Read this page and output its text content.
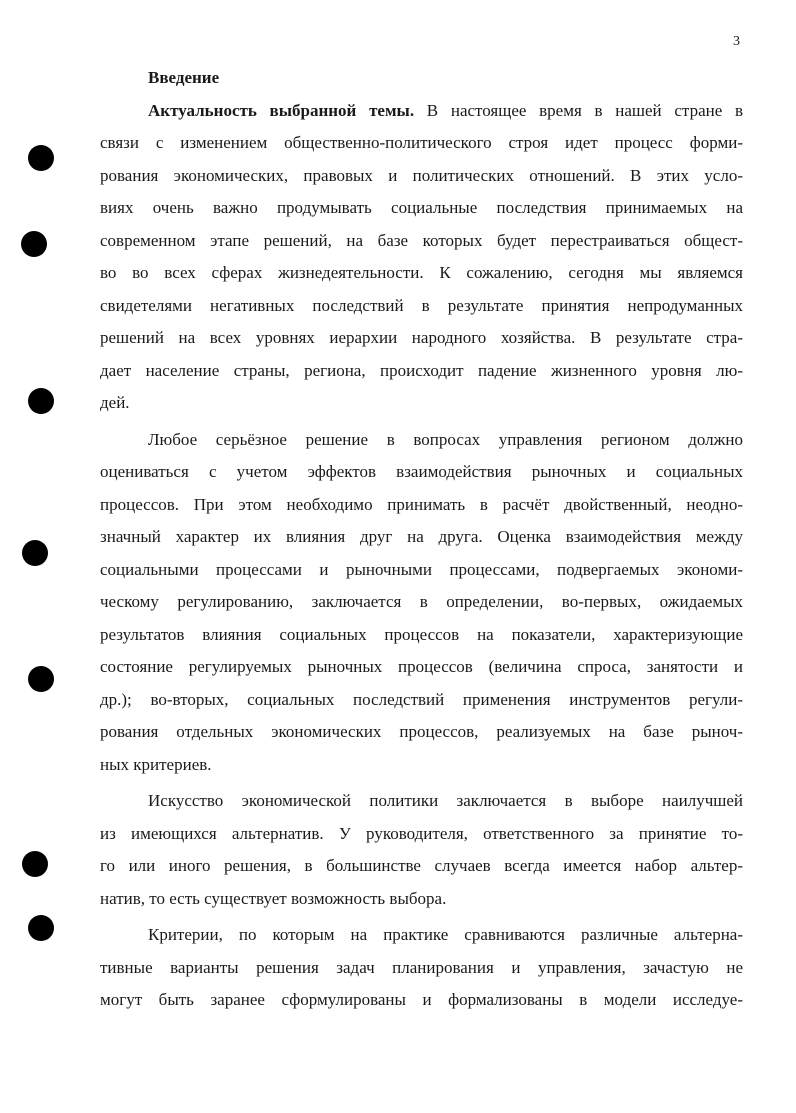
3
Введение
Актуальность выбранной темы. В настоящее время в нашей стране в
связи с изменением общественно-политического строя идет процесс форми-
рования экономических, правовых и политических отношений. В этих усло-
виях очень важно продумывать социальные последствия принимаемых на
современном этапе решений, на базе которых будет перестраиваться общест-
во во всех сферах жизнедеятельности. К сожалению, сегодня мы являемся
свидетелями негативных последствий в результате принятия непродуманных
решений на всех уровнях иерархии народного хозяйства. В результате стра-
дает население страны, региона, происходит падение жизненного уровня лю-
дей.
Любое серьёзное решение в вопросах управления регионом должно
оцениваться с учетом эффектов взаимодействия рыночных и социальных
процессов. При этом необходимо принимать в расчёт двойственный, неодно-
значный характер их влияния друг на друга. Оценка взаимодействия между
социальными процессами и рыночными процессами, подвергаемых экономи-
ческому регулированию, заключается в определении, во-первых, ожидаемых
результатов влияния социальных процессов на показатели, характеризующие
состояние регулируемых рыночных процессов (величина спроса, занятости и
др.); во-вторых, социальных последствий применения инструментов регули-
рования отдельных экономических процессов, реализуемых на базе рыноч-
ных критериев.
Искусство экономической политики заключается в выборе наилучшей
из имеющихся альтернатив. У руководителя, ответственного за принятие то-
го или иного решения, в большинстве случаев всегда имеется набор альтер-
натив, то есть существует возможность выбора.
Критерии, по которым на практике сравниваются различные альтерна-
тивные варианты решения задач планирования и управления, зачастую не
могут быть заранее сформулированы и формализованы в модели исследуе-
